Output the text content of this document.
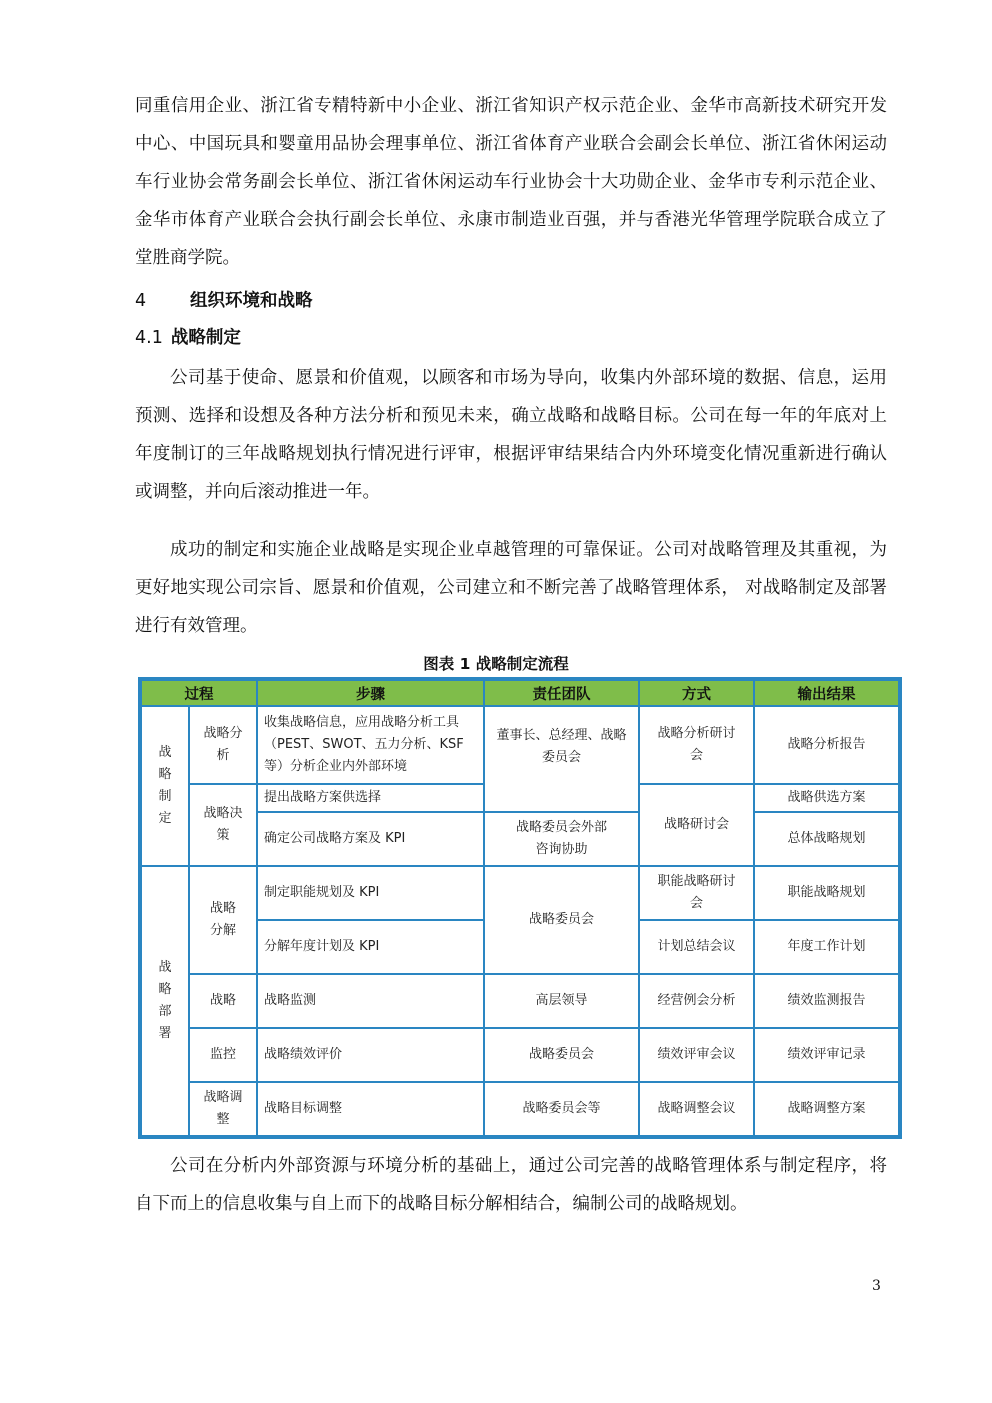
同重信用企业、浙江省专精特新中小企业、浙江省知识产权示范企业、金华市高新技术研究开发中心、中国玩具和婴童用品协会理事单位、浙江省体育产业联合会副会长单位、浙江省休闲运动车行业协会常务副会长单位、浙江省休闲运动车行业协会十大功勋企业、金华市专利示范企业、金华市体育产业联合会执行副会长单位、永康市制造业百强，并与香港光华管理学院联合成立了堂胜商学院。

4	组织环境和战略

4.1 战略制定

公司基于使命、愿景和价值观，以顾客和市场为导向，收集内外部环境的数据、信息，运用预测、选择和设想及各种方法分析和预见未来，确立战略和战略目标。公司在每一年的年底对上年度制订的三年战略规划执行情况进行评审，根据评审结果结合内外环境变化情况重新进行确认或调整，并向后滚动推进一年。

成功的制定和实施企业战略是实现企业卓越管理的可靠保证。公司对战略管理及其重视，为更好地实现公司宗旨、愿景和价值观，公司建立和不断完善了战略管理体系， 对战略制定及部署进行有效管理。

图表 1 战略制定流程

过程		步骤	责任团队	方式	输出结果
战略制定	战略分析	收集战略信息，应用战略分析工具（PEST、SWOT、五力分析、KSF等）分析企业内外部环境	董事长、总经理、战略委员会	战略分析研讨会	战略分析报告
	战略决策	提出战略方案供选择		战略研讨会	战略供选方案
		确定公司战略方案及 KPI	战略委员会外部咨询协助		总体战略规划
战略部署	战略分解	制定职能规划及 KPI	战略委员会	职能战略研讨会	职能战略规划
		分解年度计划及 KPI		计划总结会议	年度工作计划
	战略	战略监测	高层领导	经营例会分析	绩效监测报告
	监控	战略绩效评价	战略委员会	绩效评审会议	绩效评审记录
	战略调整	战略目标调整	战略委员会等	战略调整会议	战略调整方案

公司在分析内外部资源与环境分析的基础上，通过公司完善的战略管理体系与制定程序，将自下而上的信息收集与自上而下的战略目标分解相结合，编制公司的战略规划。

3
